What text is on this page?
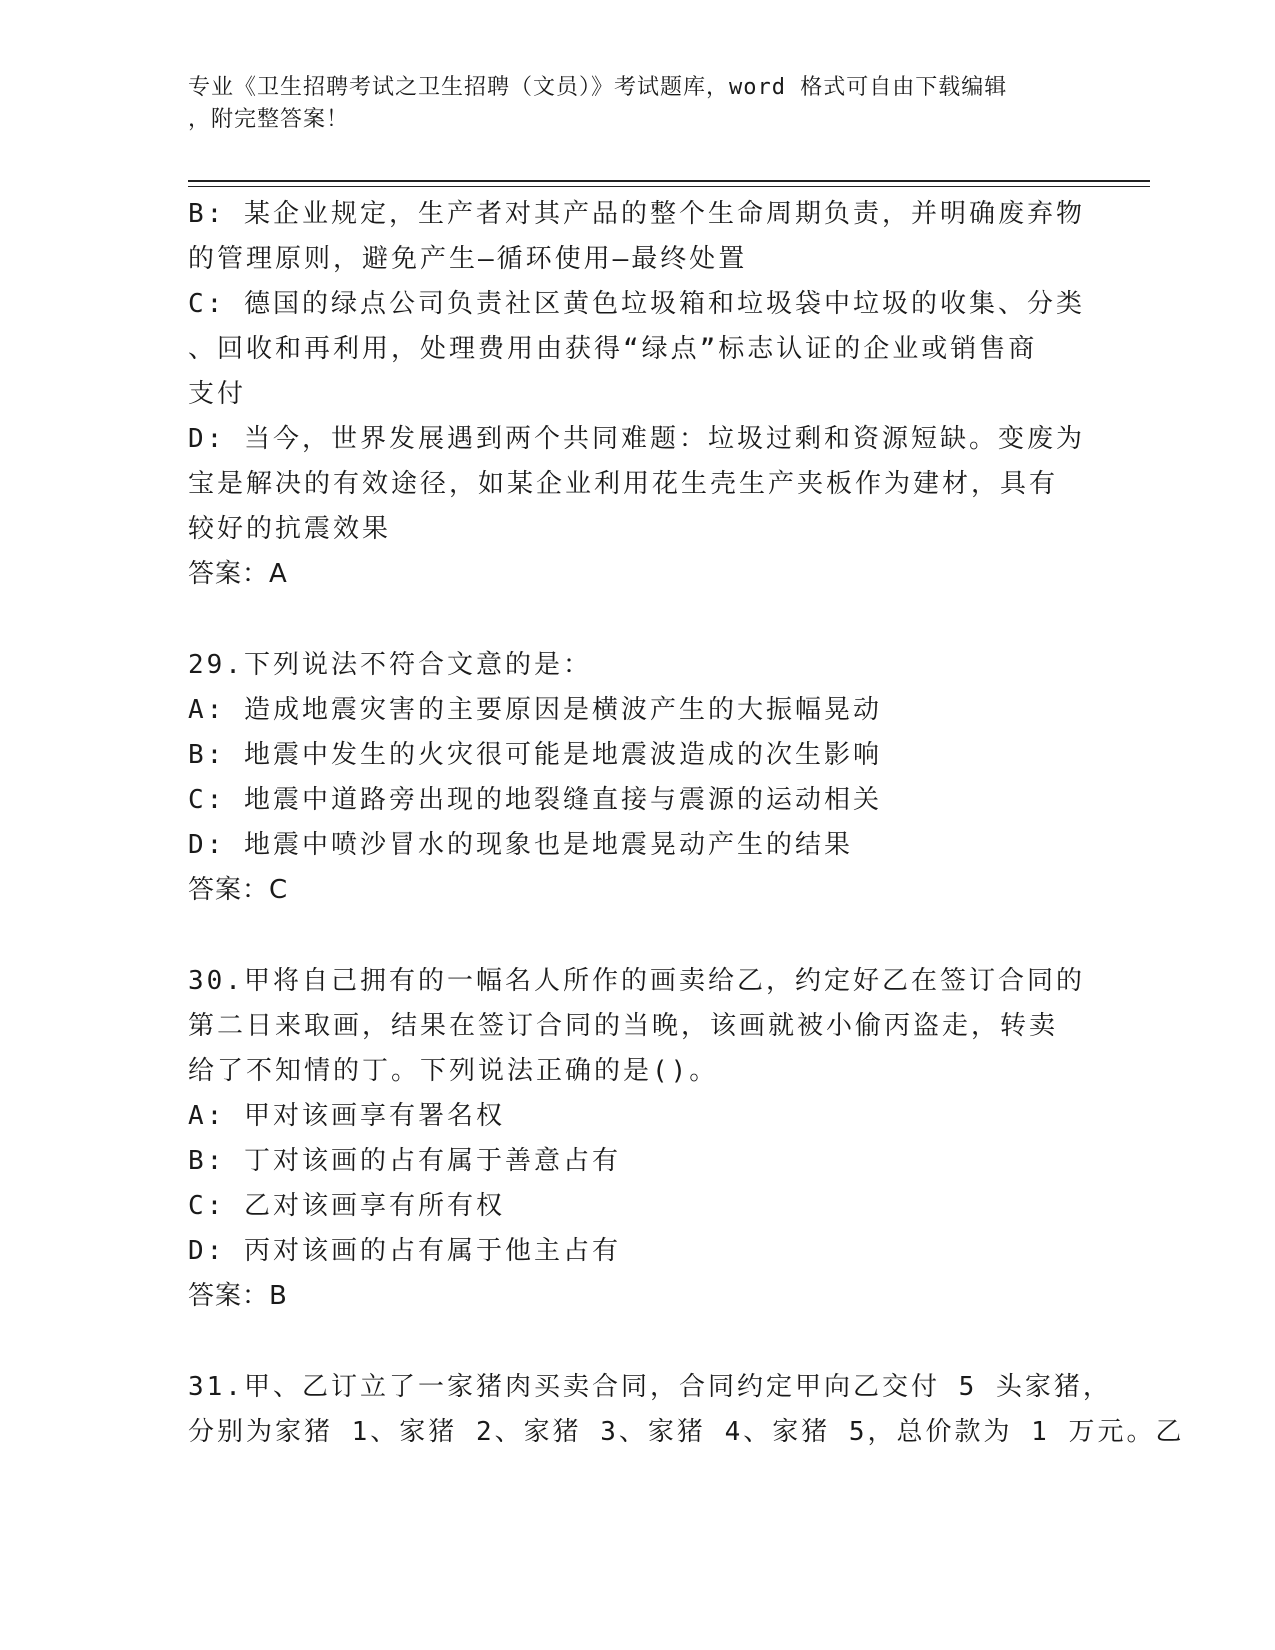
专业《卫生招聘考试之卫生招聘（文员）》考试题库，word 格式可自由下载编辑
，附完整答案！
B: 某企业规定，生产者对其产品的整个生命周期负责，并明确废弃物
的管理原则，避免产生—循环使用—最终处置
C: 德国的绿点公司负责社区黄色垃圾箱和垃圾袋中垃圾的收集、分类
、回收和再利用，处理费用由获得“绿点”标志认证的企业或销售商
支付
D: 当今，世界发展遇到两个共同难题：垃圾过剩和资源短缺。变废为
宝是解决的有效途径，如某企业利用花生壳生产夹板作为建材，具有
较好的抗震效果
答案：A
29.下列说法不符合文意的是：
A: 造成地震灾害的主要原因是横波产生的大振幅晃动
B: 地震中发生的火灾很可能是地震波造成的次生影响
C: 地震中道路旁出现的地裂缝直接与震源的运动相关
D: 地震中喷沙冒水的现象也是地震晃动产生的结果
答案：C
30.甲将自己拥有的一幅名人所作的画卖给乙，约定好乙在签订合同的
第二日来取画，结果在签订合同的当晚，该画就被小偷丙盗走，转卖
给了不知情的丁。下列说法正确的是()。
A: 甲对该画享有署名权
B: 丁对该画的占有属于善意占有
C: 乙对该画享有所有权
D: 丙对该画的占有属于他主占有
答案：B
31.甲、乙订立了一家猪肉买卖合同，合同约定甲向乙交付 5 头家猪，
分别为家猪 1、家猪 2、家猪 3、家猪 4、家猪 5，总价款为 1 万元。乙
